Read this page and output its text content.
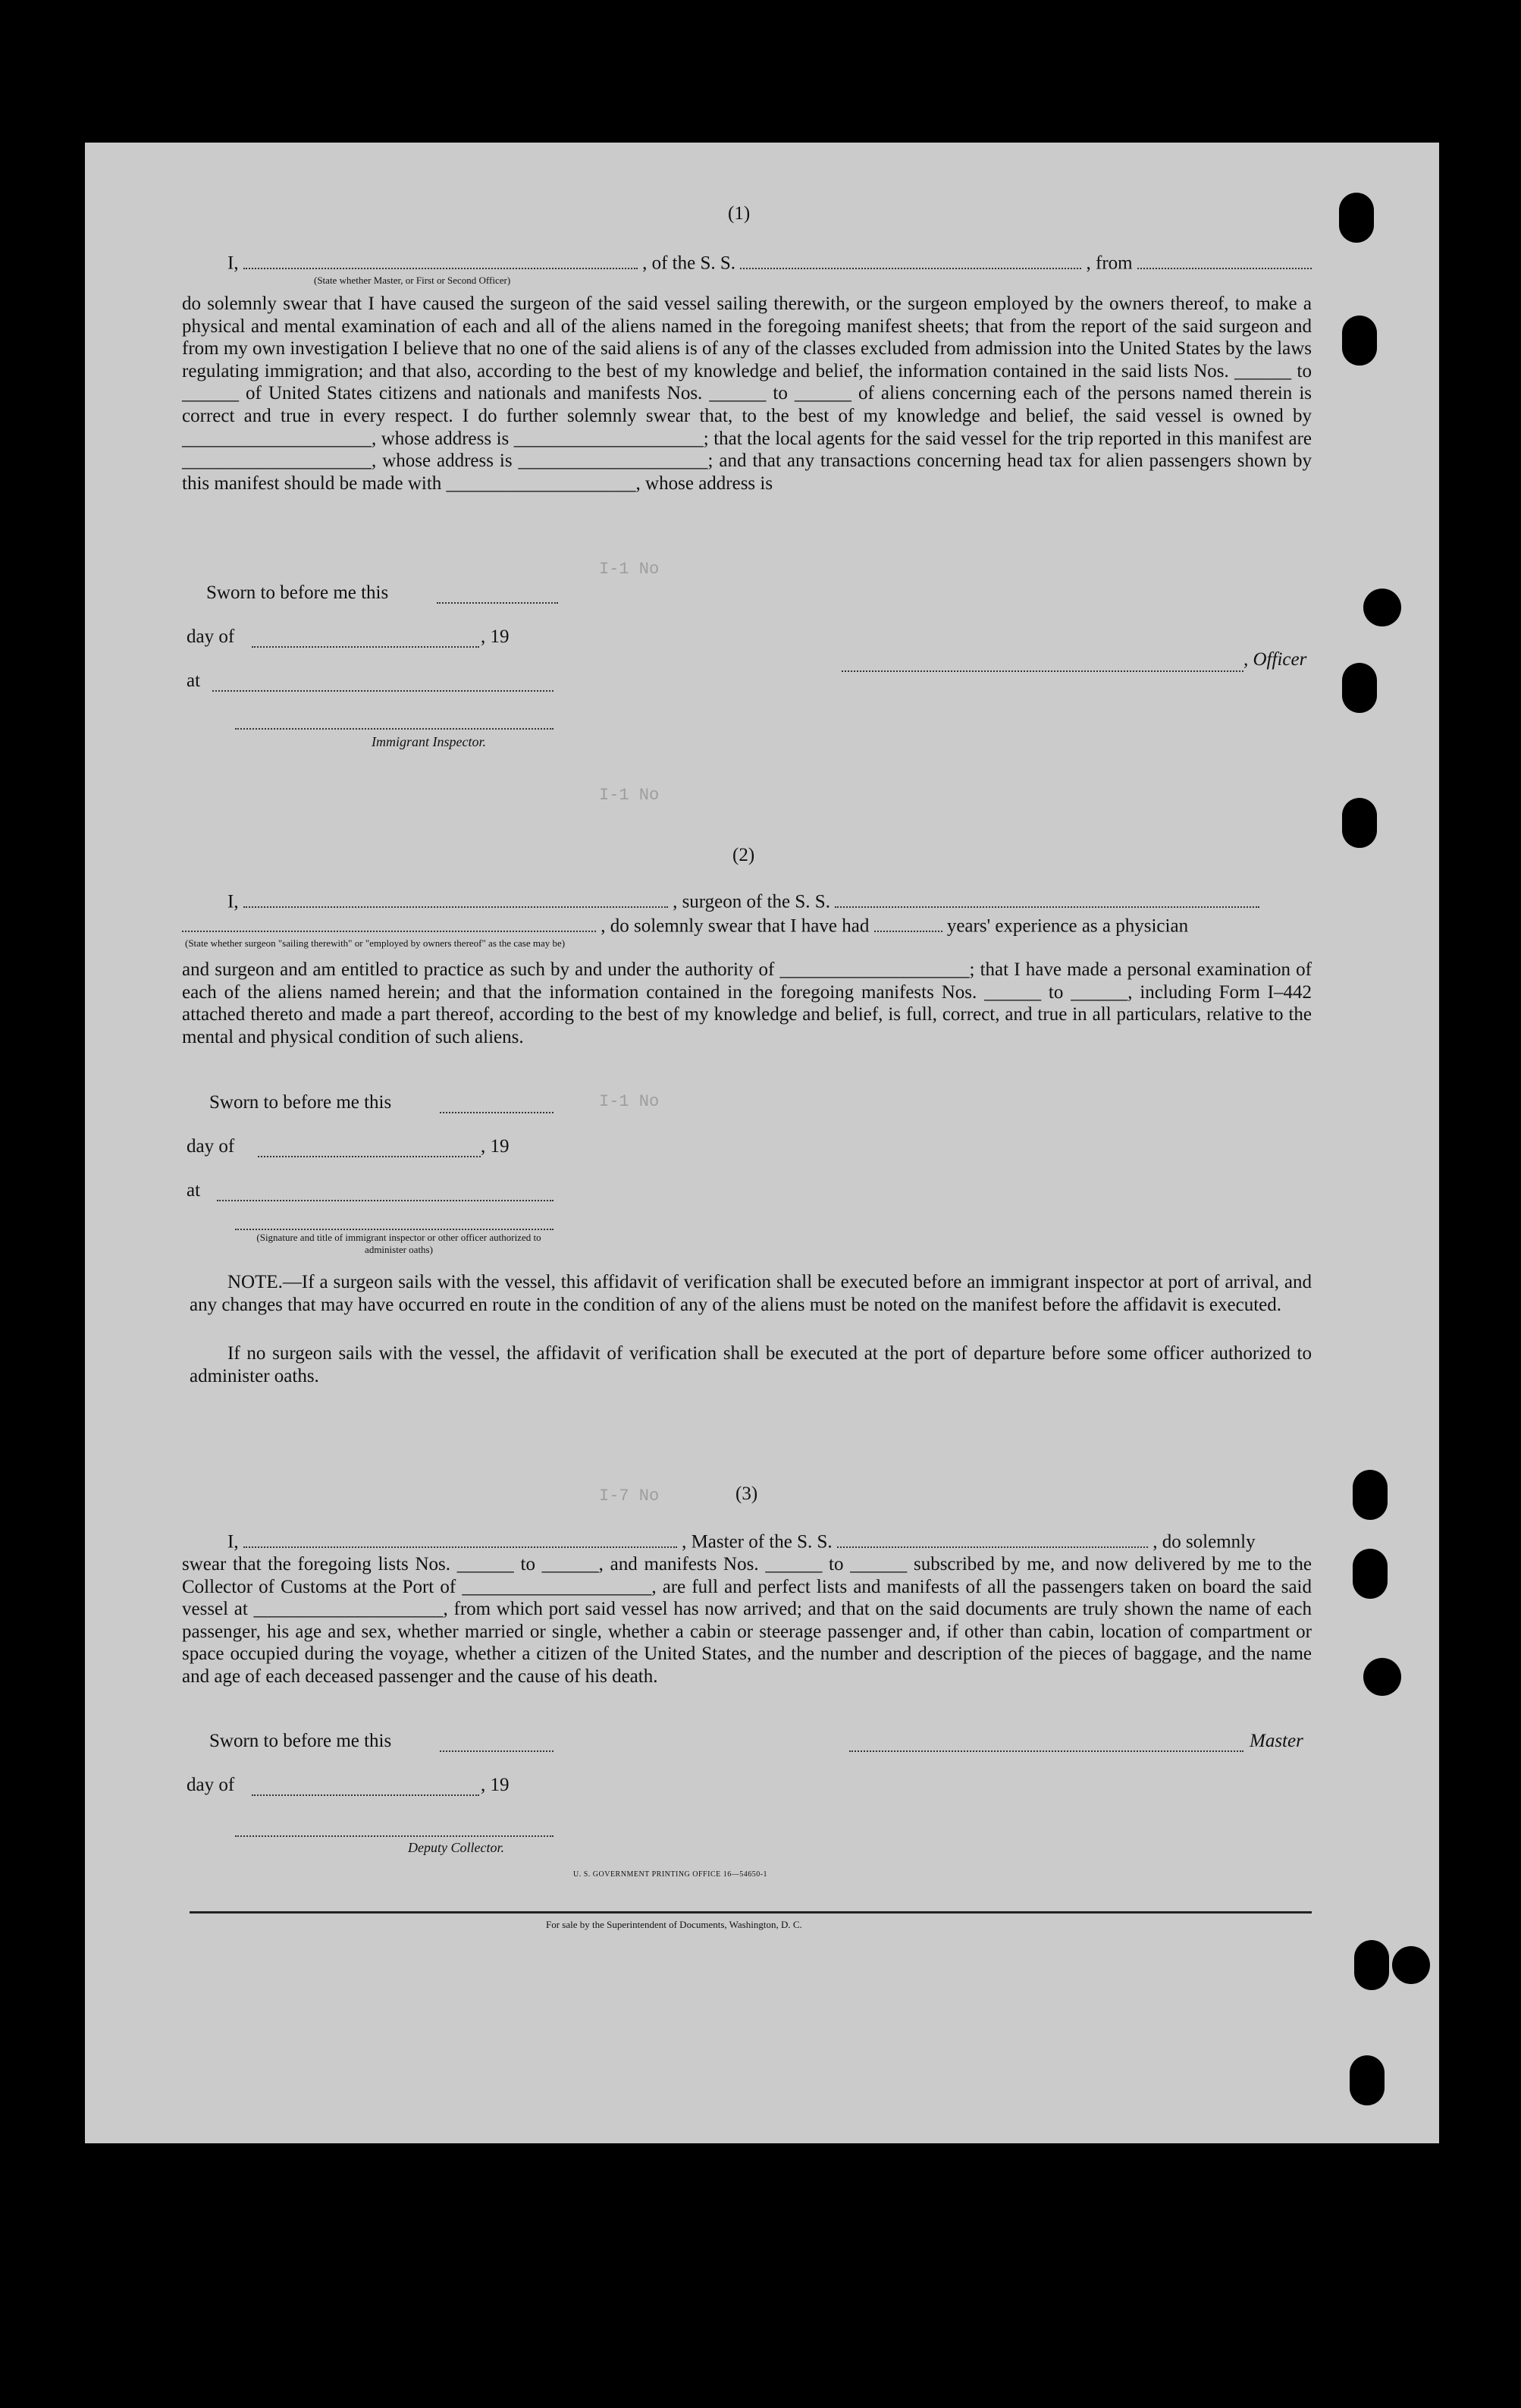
(1)
I,	, of the S. S.	, from
(State whether Master, or First or Second Officer)

do solemnly swear that I have caused the surgeon of the said vessel sailing therewith, or the surgeon employed by the owners thereof, to make a physical and mental examination of each and all of the aliens named in the foregoing manifest sheets; that from the report of the said surgeon and from my own investigation I believe that no one of the said aliens is of any of the classes excluded from admission into the United States by the laws regulating immigration; and that also, according to the best of my knowledge and belief, the information contained in the said lists Nos. ______ to ______ of United States citizens and nationals and manifests Nos. ______ to ______ of aliens concerning each of the persons named therein is correct and true in every respect. I do further solemnly swear that, to the best of my knowledge and belief, the said vessel is owned by ____________________, whose address is ____________________; that the local agents for the said vessel for the trip reported in this manifest are ____________________, whose address is ____________________; and that any transactions concerning head tax for alien passengers shown by this manifest should be made with ____________________, whose address is

Sworn to before me this
day of	, 19
at
, Officer
Immigrant Inspector.
(2)
I,	, surgeon of the S. S.
, do solemnly swear that I have had	years' experience as a physician
(State whether surgeon "sailing therewith" or "employed by owners thereof" as the case may be)

and surgeon and am entitled to practice as such by and under the authority of ____________________; that I have made a personal examination of each of the aliens named herein; and that the information contained in the foregoing manifests Nos. ______ to ______, including Form I–442 attached thereto and made a part thereof, according to the best of my knowledge and belief, is full, correct, and true in all particulars, relative to the mental and physical condition of such aliens.

Sworn to before me this
day of	, 19
at
(Signature and title of immigrant inspector or other officer authorized to administer oaths)

NOTE.—If a surgeon sails with the vessel, this affidavit of verification shall be executed before an immigrant inspector at port of arrival, and any changes that may have occurred en route in the condition of any of the aliens must be noted on the manifest before the affidavit is executed.

If no surgeon sails with the vessel, the affidavit of verification shall be executed at the port of departure before some officer authorized to administer oaths.

(3)
I,	, Master of the S. S.	, do solemnly

swear that the foregoing lists Nos. ______ to ______, and manifests Nos. ______ to ______ subscribed by me, and now delivered by me to the Collector of Customs at the Port of ____________________, are full and perfect lists and manifests of all the passengers taken on board the said vessel at ____________________, from which port said vessel has now arrived; and that on the said documents are truly shown the name of each passenger, his age and sex, whether married or single, whether a cabin or steerage passenger and, if other than cabin, location of compartment or space occupied during the voyage, whether a citizen of the United States, and the number and description of the pieces of baggage, and the name and age of each deceased passenger and the cause of his death.

Sworn to before me this	Master
day of	, 19
Deputy Collector.
U. S. GOVERNMENT PRINTING OFFICE 16—54650-1
For sale by the Superintendent of Documents, Washington, D. C.
I-1 No
I-1 No
I-1 No
I-7 No
